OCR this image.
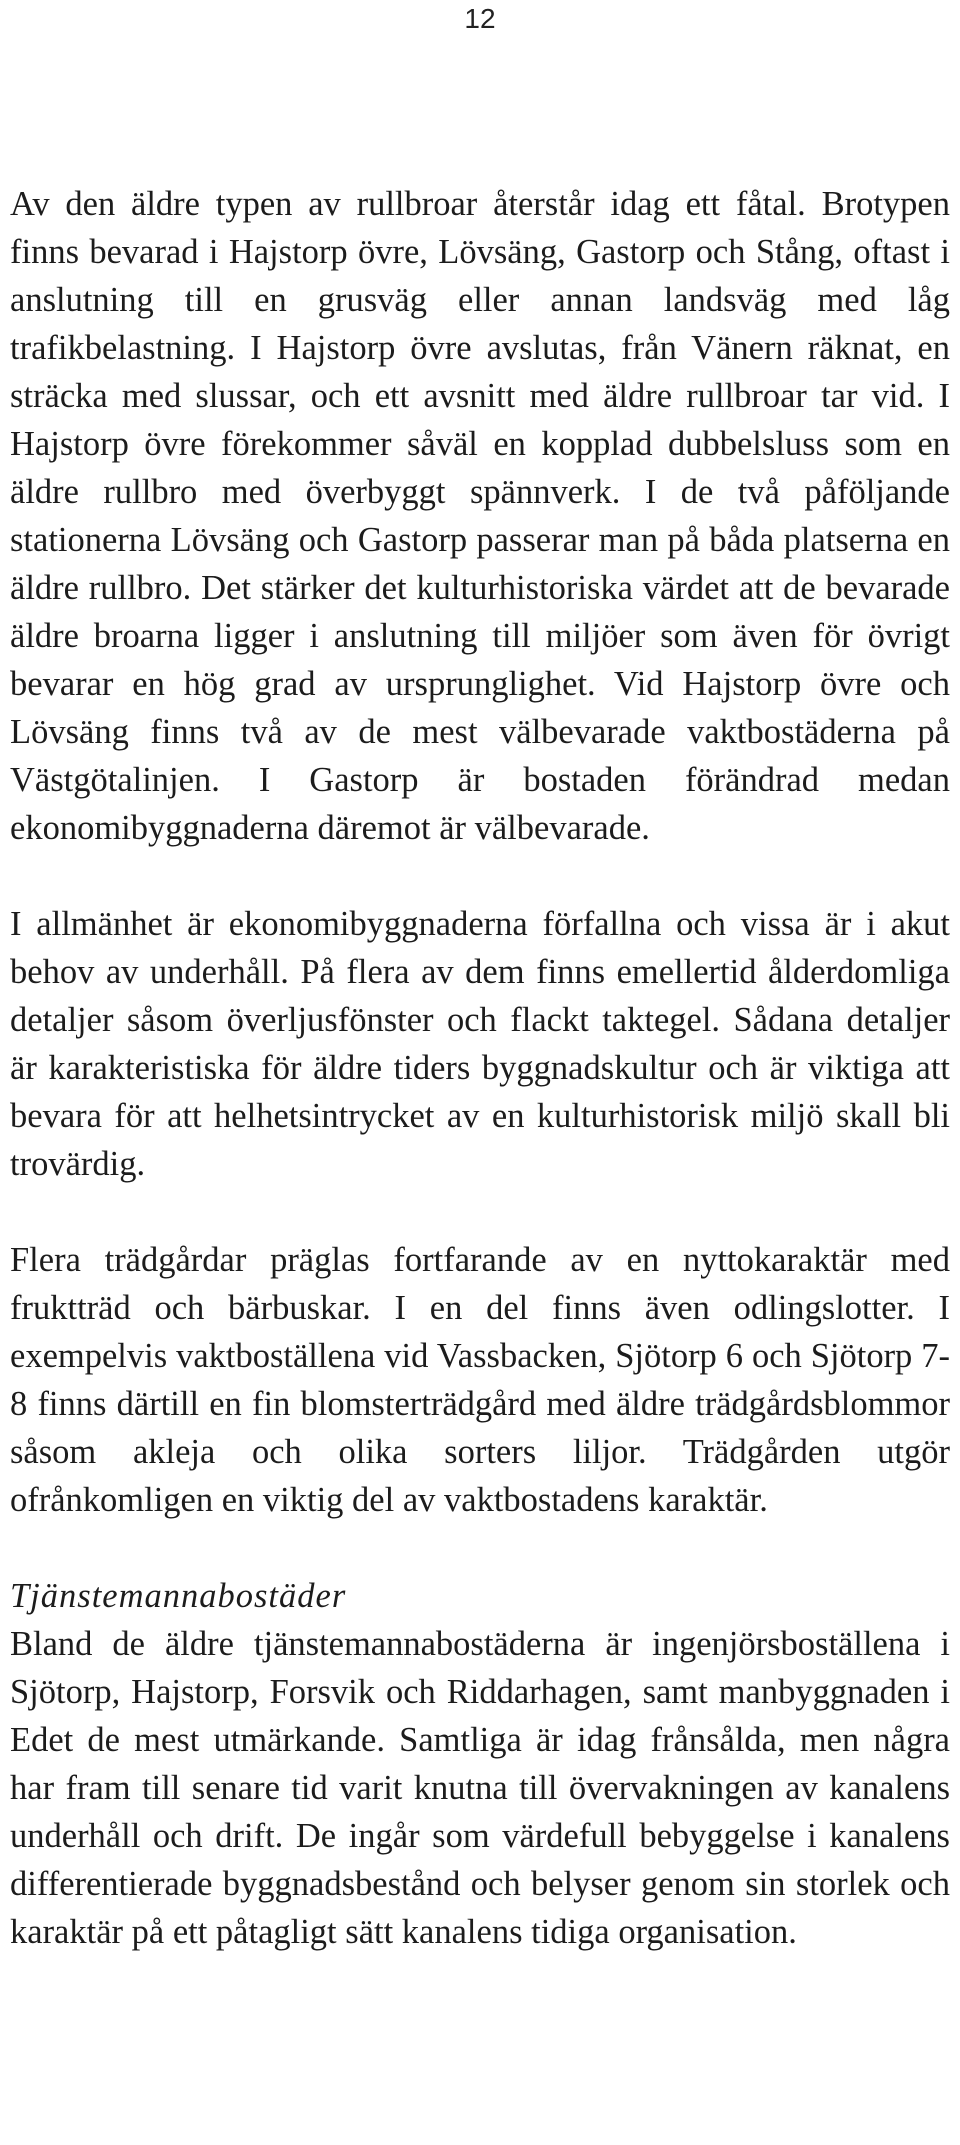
12

Av den äldre typen av rullbroar återstår idag ett fåtal. Brotypen finns bevarad i Hajstorp övre, Lövsäng, Gastorp och Stång, oftast i anslutning till en grusväg eller annan landsväg med låg trafikbelastning. I Hajstorp övre avslutas, från Vänern räknat, en sträcka med slussar, och ett avsnitt med äldre rullbroar tar vid. I Hajstorp övre förekommer såväl en kopplad dubbelsluss som en äldre rullbro med överbyggt spännverk. I de två påföljande stationerna Lövsäng och Gastorp passerar man på båda platserna en äldre rullbro. Det stärker det kulturhistoriska värdet att de bevarade äldre broarna ligger i anslutning till miljöer som även för övrigt bevarar en hög grad av ursprunglighet. Vid Hajstorp övre och Lövsäng finns två av de mest välbevarade vaktbostäderna på Västgötalinjen. I Gastorp är bostaden förändrad medan ekonomibyggnaderna däremot är välbevarade.

I allmänhet är ekonomibyggnaderna förfallna och vissa är i akut behov av underhåll. På flera av dem finns emellertid ålderdomliga detaljer såsom överljusfönster och flackt taktegel. Sådana detaljer är karakteristiska för äldre tiders byggnadskultur och är viktiga att bevara för att helhetsintrycket av en kulturhistorisk miljö skall bli trovärdig.

Flera trädgårdar präglas fortfarande av en nyttokaraktär med fruktträd och bärbuskar. I en del finns även odlingslotter. I exempelvis vaktboställena vid Vassbacken, Sjötorp 6 och Sjötorp 7-8 finns därtill en fin blomsterträdgård med äldre trädgårdsblommor såsom akleja och olika sorters liljor. Trädgården utgör ofrånkomligen en viktig del av vaktbostadens karaktär.

Tjänstemannabostäder

Bland de äldre tjänstemannabostäderna är ingenjörsboställena i Sjötorp, Hajstorp, Forsvik och Riddarhagen, samt manbyggnaden i Edet de mest utmärkande. Samtliga är idag frånsålda, men några har fram till senare tid varit knutna till övervakningen av kanalens underhåll och drift. De ingår som värdefull bebyggelse i kanalens differentierade byggnadsbestånd och belyser genom sin storlek och karaktär på ett påtagligt sätt kanalens tidiga organisation.
